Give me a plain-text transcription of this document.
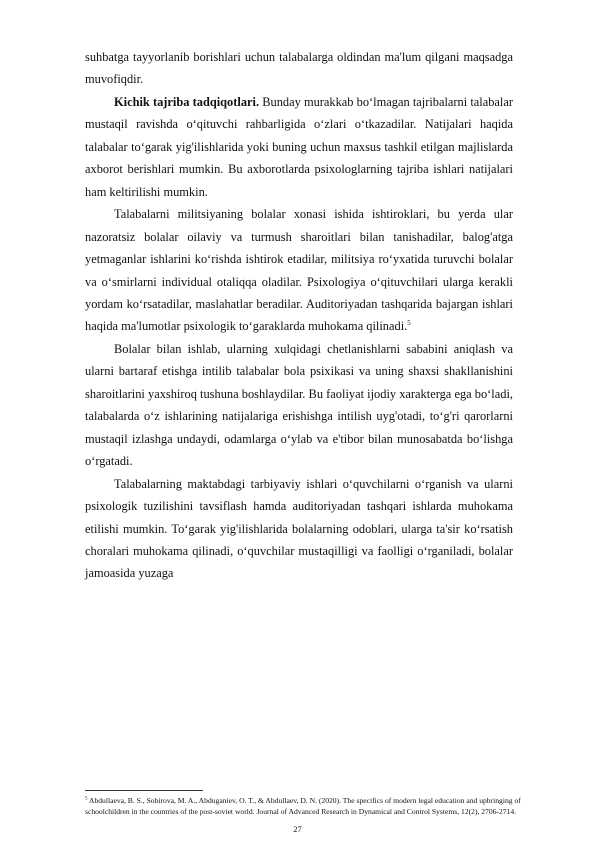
suhbatga tayyorlanib borishlari uchun talabalarga oldindan ma'lum qilgani maqsadga muvofiqdir.

Kichik tajriba tadqiqotlari. Bunday murakkab bo‘lmagan tajribalarni talabalar mustaqil ravishda o‘qituvchi rahbarligida o‘zlari o‘tkazadilar. Natijalari haqida talabalar to‘garak yig'ilishlarida yoki buning uchun maxsus tashkil etilgan majlislarda axborot berishlari mumkin. Bu axborotlarda psixologlarning tajriba ishlari natijalari ham keltirilishi mumkin.

Talabalarni militsiyaning bolalar xonasi ishida ishtiroklari, bu yerda ular nazoratsiz bolalar oilaviy va turmush sharoitlari bilan tanishadilar, balog'atga yetmaganlar ishlarini ko‘rishda ishtirok etadilar, militsiya ro‘yxatida turuvchi bolalar va o‘smirlarni individual otaliqqa oladilar. Psixologiya o‘qituvchilari ularga kerakli yordam ko‘rsatadilar, maslahatlar beradilar. Auditoriyadan tashqarida bajargan ishlari haqida ma'lumotlar psixologik to‘garaklarda muhokama qilinadi.$^5$

Bolalar bilan ishlab, ularning xulqidagi chetlanishlarni sababini aniqlash va ularni bartaraf etishga intilib talabalar bola psixikasi va uning shaxsi shakllanishini sharoitlarini yaxshiroq tushuna boshlaydilar. Bu faoliyat ijodiy xarakterga ega bo‘ladi, talabalarda o‘z ishlarining natijalariga erishishga intilish uyg'otadi, to‘g'ri qarorlarni mustaqil izlashga undaydi, odamlarga o‘ylab va e'tibor bilan munosabatda bo‘lishga o‘rgatadi.

Talabalarning maktabdagi tarbiyaviy ishlari o‘quvchilarni o‘rganish va ularni psixologik tuzilishini tavsiflash hamda auditoriyadan tashqari ishlarda muhokama etilishi mumkin. To‘garak yig'ilishlarida bolalarning odoblari, ularga ta'sir ko‘rsatish choralari muhokama qilinadi, o‘quvchilar mustaqilligi va faolligi o‘rganiladi, bolalar jamoasida yuzaga

$^5$ Abdullaeva, B. S., Sobirova, M. A., Abduganiev, O. T., & Abdullaev, D. N. (2020). The specifics of modern legal education and upbringing of schoolchildren in the countries of the post-soviet world. Journal of Advanced Research in Dynamical and Control Systems, 12(2), 2706-2714.
27
